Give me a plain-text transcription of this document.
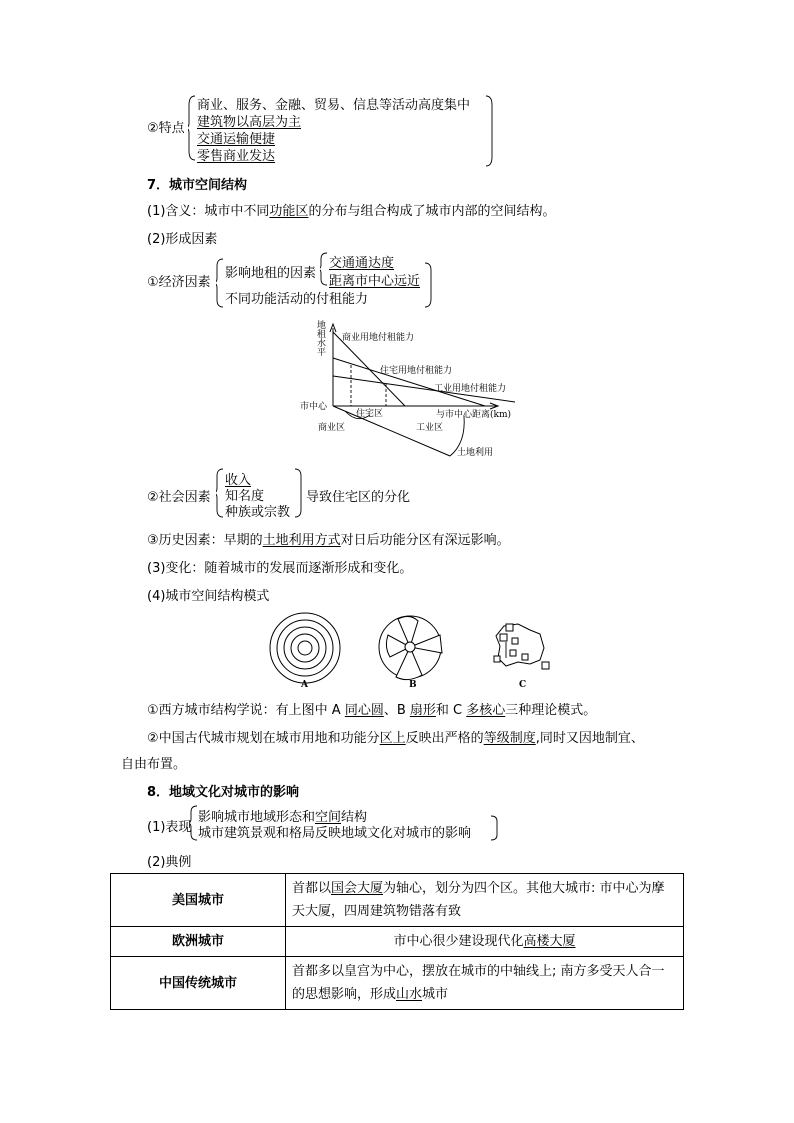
②特点
商业、服务、金融、贸易、信息等活动高度集中
建筑物以高层为主
交通运输便捷
零售商业发达
7．城市空间结构
(1)含义：城市中不同功能区的分布与组合构成了城市内部的空间结构。
(2)形成因素
①经济因素
影响地租的因素
交通通达度
距离市中心远近
不同功能活动的付租能力
地
租
水
平
商业用地付租能力
住宅用地付租能力
工业用地付租能力
市中心
住宅区	与市中心距离(km)
商业区	工业区
土地利用
②社会因素
收入
知名度
种族或宗教
导致住宅区的分化
③历史因素：早期的土地利用方式对日后功能分区有深远影响。
(3)变化：随着城市的发展而逐渐形成和变化。
(4)城市空间结构模式
A	B	C
①西方城市结构学说：有上图中 A 同心圆、B 扇形和 C 多核心三种理论模式。
②中国古代城市规划在城市用地和功能分区上反映出严格的等级制度,同时又因地制宜、
自由布置。
8．地域文化对城市的影响
(1)表现
影响城市地域形态和空间结构
城市建筑景观和格局反映地域文化对城市的影响
(2)典例
美国城市	首都以国会大厦为轴心，划分为四个区。其他大城市: 市中心为摩天大厦，四周建筑物错落有致
欧洲城市	市中心很少建设现代化高楼大厦
中国传统城市	首都多以皇宫为中心，摆放在城市的中轴线上; 南方多受天人合一的思想影响，形成山水城市
